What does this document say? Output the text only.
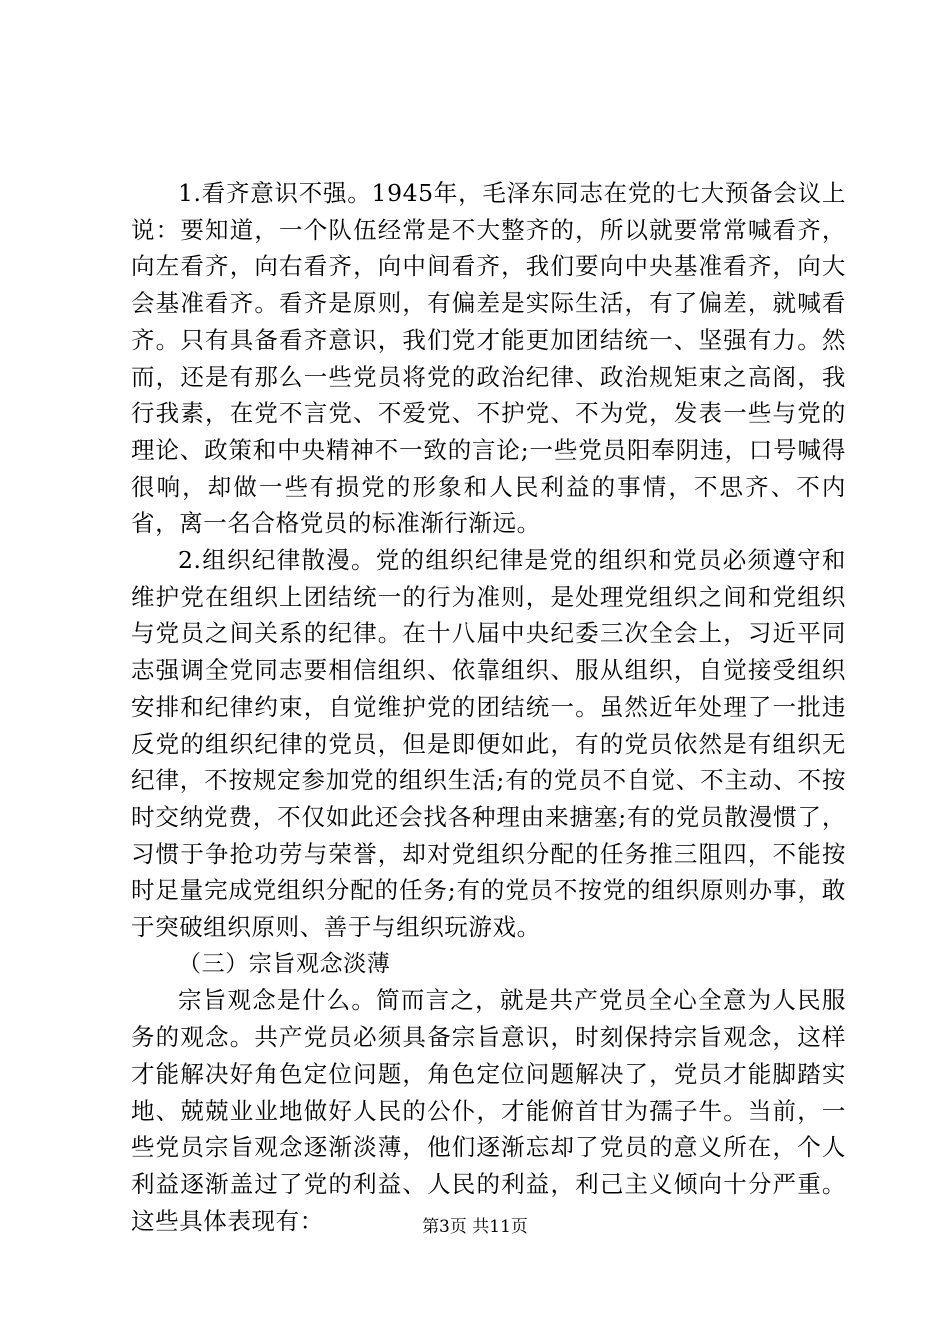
1.看齐意识不强。1945年，毛泽东同志在党的七大预备会议上说：要知道，一个队伍经常是不大整齐的，所以就要常常喊看齐，向左看齐，向右看齐，向中间看齐，我们要向中央基准看齐，向大会基准看齐。看齐是原则，有偏差是实际生活，有了偏差，就喊看齐。只有具备看齐意识，我们党才能更加团结统一、坚强有力。然而，还是有那么一些党员将党的政治纪律、政治规矩束之高阁，我行我素，在党不言党、不爱党、不护党、不为党，发表一些与党的理论、政策和中央精神不一致的言论;一些党员阳奉阴违，口号喊得很响，却做一些有损党的形象和人民利益的事情，不思齐、不内省，离一名合格党员的标准渐行渐远。

2.组织纪律散漫。党的组织纪律是党的组织和党员必须遵守和维护党在组织上团结统一的行为准则，是处理党组织之间和党组织与党员之间关系的纪律。在十八届中央纪委三次全会上，习近平同志强调全党同志要相信组织、依靠组织、服从组织，自觉接受组织安排和纪律约束，自觉维护党的团结统一。虽然近年处理了一批违反党的组织纪律的党员，但是即便如此，有的党员依然是有组织无纪律，不按规定参加党的组织生活;有的党员不自觉、不主动、不按时交纳党费，不仅如此还会找各种理由来搪塞;有的党员散漫惯了，习惯于争抢功劳与荣誉，却对党组织分配的任务推三阻四，不能按时足量完成党组织分配的任务;有的党员不按党的组织原则办事，敢于突破组织原则、善于与组织玩游戏。

（三）宗旨观念淡薄

宗旨观念是什么。简而言之，就是共产党员全心全意为人民服务的观念。共产党员必须具备宗旨意识，时刻保持宗旨观念，这样才能解决好角色定位问题，角色定位问题解决了，党员才能脚踏实地、兢兢业业地做好人民的公仆，才能俯首甘为孺子牛。当前，一些党员宗旨观念逐渐淡薄，他们逐渐忘却了党员的意义所在，个人利益逐渐盖过了党的利益、人民的利益，利己主义倾向十分严重。这些具体表现有：	第3页 共11页
